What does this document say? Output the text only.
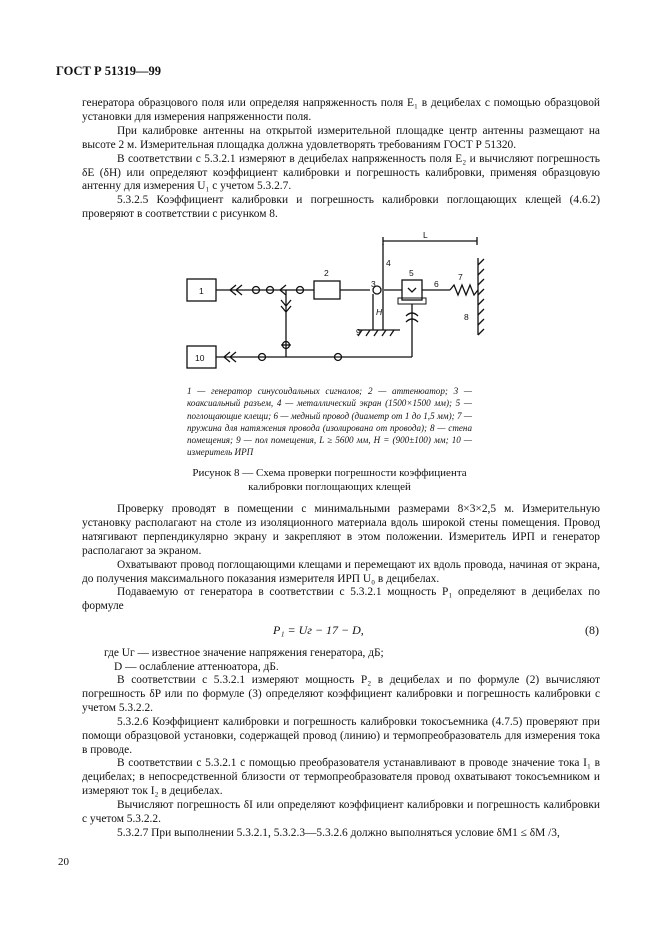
ГОСТ Р 51319—99

генератора образцового поля или определяя напряженность поля E₁ в децибелах с помощью образцовой установки для измерения напряженности поля.

При калибровке антенны на открытой измерительной площадке центр антенны размещают на высоте 2 м. Измерительная площадка должна удовлетворять требованиям ГОСТ Р 51320.

В соответствии с 5.3.2.1 измеряют в децибелах напряженность поля E₂ и вычисляют погрешность δE (δH) или определяют коэффициент калибровки и погрешность калибровки, применяя образцовую антенну для измерения U₁ с учетом 5.3.2.7.

5.3.2.5 Коэффициент калибровки и погрешность калибровки поглощающих клещей (4.6.2) проверяют в соответствии с рисунком 8.

1
2
3
4
5
6
7
8
9
10
L
H
1 — генератор синусоидальных сигналов; 2 — аттенюатор; 3 — коаксиальный разъем, 4 — металлический экран (1500×1500 мм); 5 — поглощающие клещи; 6 — медный провод (диаметр от 1 до 1,5 мм); 7 — пружина для натяжения провода (изолирована от провода); 8 — стена помещения; 9 — пол помещения, L ≥ 5600 мм, H = (900±100) мм; 10 — измеритель ИРП
Рисунок 8 — Схема проверки погрешности коэффициента калибровки поглощающих клещей

Проверку проводят в помещении с минимальными размерами 8×3×2,5 м. Измерительную установку располагают на столе из изоляционного материала вдоль широкой стены помещения. Провод натягивают перпендикулярно экрану и закрепляют в этом положении. Измеритель ИРП и генератор располагают за экраном.

Охватывают провод поглощающими клещами и перемещают их вдоль провода, начиная от экрана, до получения максимального показания измерителя ИРП U₀ в децибелах.

Подаваемую от генератора в соответствии с 5.3.2.1 мощность P₁ определяют в децибелах по формуле

P₁ = Uг − 17 − D,	(8)
где Uг — известное значение напряжения генератора, дБ;
D — ослабление аттенюатора, дБ.

В соответствии с 5.3.2.1 измеряют мощность P₂ в децибелах и по формуле (2) вычисляют погрешность δP или по формуле (3) определяют коэффициент калибровки и погрешность калибровки с учетом 5.3.2.2.

5.3.2.6 Коэффициент калибровки и погрешность калибровки токосъемника (4.7.5) проверяют при помощи образцовой установки, содержащей провод (линию) и термопреобразователь для измерения тока в проводе.

В соответствии с 5.3.2.1 с помощью преобразователя устанавливают в проводе значение тока I₁ в децибелах; в непосредственной близости от термопреобразователя провод охватывают токосъемником и измеряют ток I₂ в децибелах.

Вычисляют погрешность δI или определяют коэффициент калибровки и погрешность калибровки с учетом 5.3.2.2.

5.3.2.7 При выполнении 5.3.2.1, 5.3.2.3—5.3.2.6 должно выполняться условие δM1 ≤ δM /3,

20
